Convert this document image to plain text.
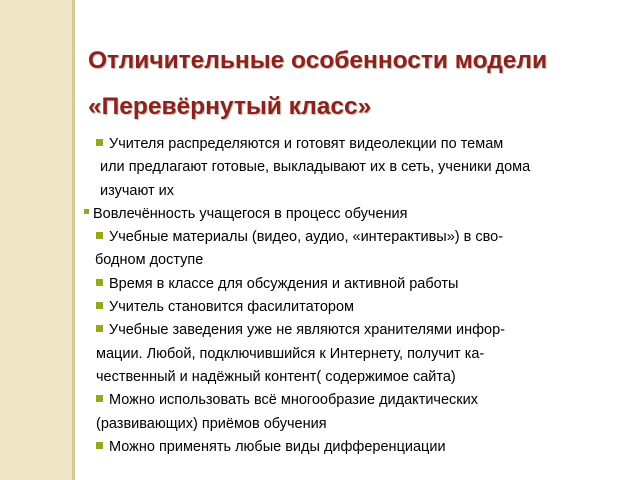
Отличительные особенности модели
«Перевёрнутый класс»
Учителя распределяются и готовят видеолекции по темам
или предлагают готовые, выкладывают их в сеть, ученики дома
изучают их
Вовлечённость учащегося в процесс обучения
Учебные материалы (видео, аудио, «интерактивы») в сво-
бодном доступе
Время в классе для обсуждения и активной работы
Учитель становится фасилитатором
Учебные заведения уже не являются хранителями инфор-
мации. Любой, подключившийся к Интернету, получит ка-
чественный и надёжный контент( содержимое сайта)
Можно использовать всё многообразие дидактических
(развивающих) приёмов обучения
Можно применять любые виды дифференциации
